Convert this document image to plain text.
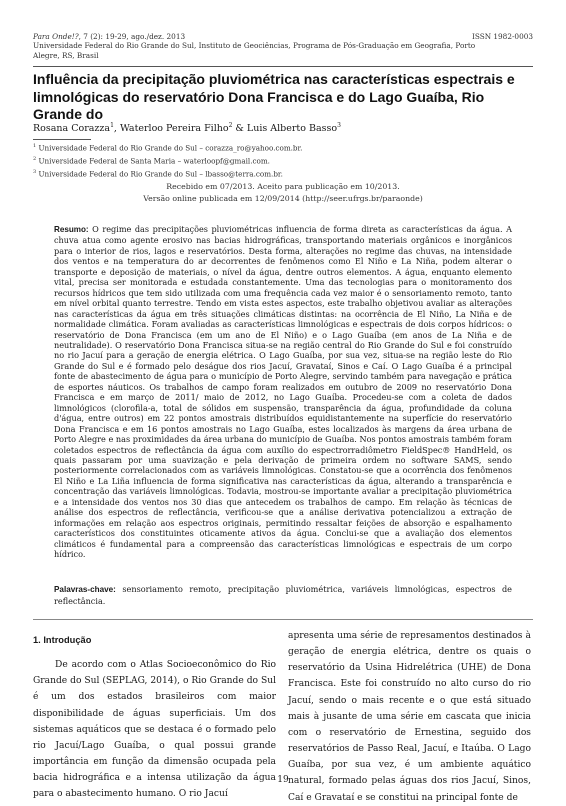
Para Onde!?, 7 (2): 19-29, ago./dez. 2013	ISSN 1982-0003
Universidade Federal do Rio Grande do Sul, Instituto de Geociências, Programa de Pós-Graduação em Geografia, Porto
Alegre, RS, Brasil
Influência da precipitação pluviométrica nas características espectrais e limnológicas do reservatório Dona Francisca e do Lago Guaíba, Rio Grande do
Rosana Corazza$^1$, Waterloo Pereira Filho$^2$ & Luis Alberto Basso$^3$
$^1$ Universidade Federal do Rio Grande do Sul – corazza_ro@yahoo.com.br.
$^2$ Universidade Federal de Santa Maria – waterloopf@gmail.com.
$^3$ Universidade Federal do Rio Grande do Sul – lbasso@terra.com.br.
Recebido em 07/2013. Aceito para publicação em 10/2013.
Versão online publicada em 12/09/2014 (http://seer.ufrgs.br/paraonde)
Resumo: O regime das precipitações pluviométricas influencia de forma direta as características da água. A chuva atua como agente erosivo nas bacias hidrográficas, transportando materiais orgânicos e inorgânicos para o interior de rios, lagos e reservatórios. Desta forma, alterações no regime das chuvas, na intensidade dos ventos e na temperatura do ar decorrentes de fenômenos como El Niño e La Niña, podem alterar o transporte e deposição de materiais, o nível da água, dentre outros elementos. A água, enquanto elemento vital, precisa ser monitorada e estudada constantemente. Uma das tecnologias para o monitoramento dos recursos hídricos que tem sido utilizada com uma frequência cada vez maior é o sensoriamento remoto, tanto em nível orbital quanto terrestre. Tendo em vista estes aspectos, este trabalho objetivou avaliar as alterações nas características da água em três situações climáticas distintas: na ocorrência de El Niño, La Niña e de normalidade climática. Foram avaliadas as características limnológicas e espectrais de dois corpos hídricos: o reservatório de Dona Francisca (em um ano de El Niño) e o Lago Guaíba (em anos de La Niña e de neutralidade). O reservatório Dona Francisca situa-se na região central do Rio Grande do Sul e foi construído no rio Jacuí para a geração de energia elétrica. O Lago Guaíba, por sua vez, situa-se na região leste do Rio Grande do Sul e é formado pelo deságue dos rios Jacuí, Gravataí, Sinos e Caí. O Lago Guaíba é a principal fonte de abastecimento de água para o município de Porto Alegre, servindo também para navegação e prática de esportes náuticos. Os trabalhos de campo foram realizados em outubro de 2009 no reservatório Dona Francisca e em março de 2011/ maio de 2012, no Lago Guaíba. Procedeu-se com a coleta de dados limnológicos (clorofila-a, total de sólidos em suspensão, transparência da água, profundidade da coluna d'água, entre outros) em 22 pontos amostrais distribuídos equidistantemente na superfície do reservatório Dona Francisca e em 16 pontos amostrais no Lago Guaíba, estes localizados às margens da área urbana de Porto Alegre e nas proximidades da área urbana do município de Guaíba. Nos pontos amostrais também foram coletados espectros de reflectância da água com auxílio do espectrorradiômetro FieldSpec® HandHeld, os quais passaram por uma suavização e pela derivação de primeira ordem no software SAMS, sendo posteriormente correlacionados com as variáveis limnológicas. Constatou-se que a ocorrência dos fenômenos El Niño e La Liña influencia de forma significativa nas características da água, alterando a transparência e concentração das variáveis limnológicas. Todavia, mostrou-se importante avaliar a precipitação pluviométrica e a intensidade dos ventos nos 30 dias que antecedem os trabalhos de campo. Em relação às técnicas de análise dos espectros de reflectância, verificou-se que a análise derivativa potencializou a extração de informações em relação aos espectros originais, permitindo ressaltar feições de absorção e espalhamento característicos dos constituintes oticamente ativos da água. Conclui-se que a avaliação dos elementos climáticos é fundamental para a compreensão das características limnológicas e espectrais de um corpo hídrico.
Palavras-chave: sensoriamento remoto, precipitação pluviométrica, variáveis limnológicas, espectros de reflectância.
1. Introdução
De acordo com o Atlas Socioeconômico do Rio Grande do Sul (SEPLAG, 2014), o Rio Grande do Sul é um dos estados brasileiros com maior disponibilidade de águas superficiais. Um dos sistemas aquáticos que se destaca é o formado pelo rio Jacuí/Lago Guaíba, o qual possui grande importância em função da dimensão ocupada pela bacia hidrográfica e a intensa utilização da água para o abastecimento humano. O rio Jacuí
apresenta uma série de represamentos destinados à geração de energia elétrica, dentre os quais o reservatório da Usina Hidrelétrica (UHE) de Dona Francisca. Este foi construído no alto curso do rio Jacuí, sendo o mais recente e o que está situado mais à jusante de uma série em cascata que inicia com o reservatório de Ernestina, seguido dos reservatórios de Passo Real, Jacuí, e Itaúba. O Lago Guaíba, por sua vez, é um ambiente aquático natural, formado pelas águas dos rios Jacuí, Sinos, Caí e Gravataí e se constitui na principal fonte de
19
